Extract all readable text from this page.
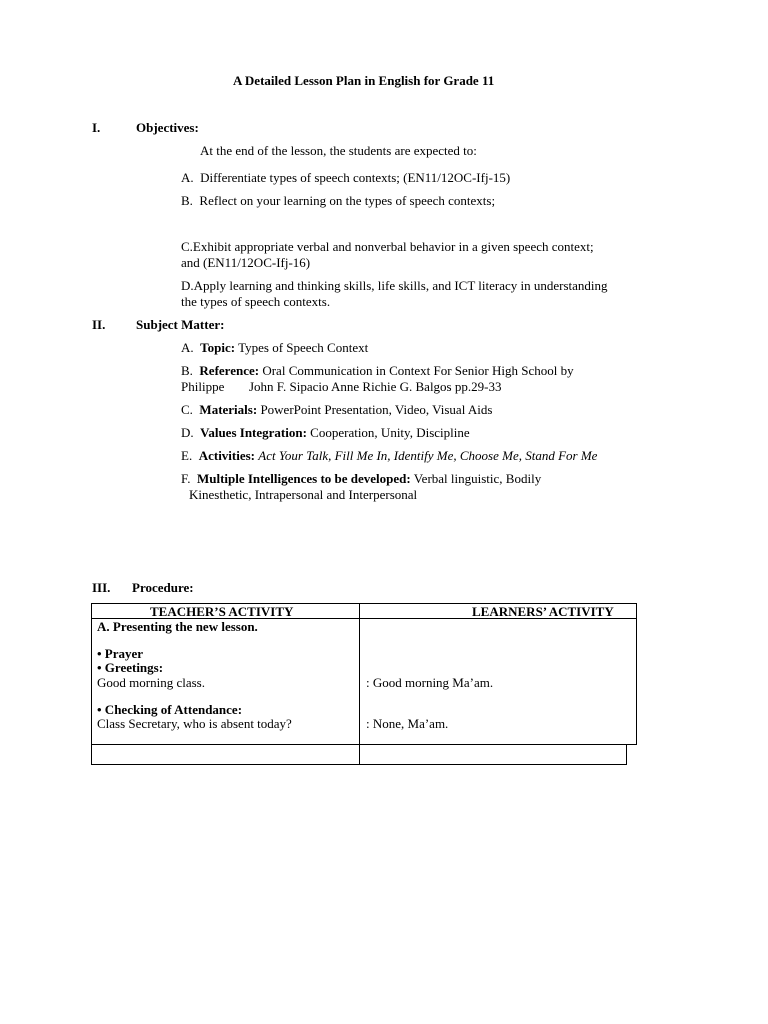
A Detailed Lesson Plan in English for Grade 11
I.	Objectives:
At the end of the lesson, the students are expected to:
A. Differentiate types of speech contexts; (EN11/12OC-Ifj-15)
B. Reflect on your learning on the types of speech contexts;
C.Exhibit appropriate verbal and nonverbal behavior in a given speech context;
and (EN11/12OC-Ifj-16)
D.Apply learning and thinking skills, life skills, and ICT literacy in understanding
the types of speech contexts.
II. Subject Matter:
A. Topic: Types of Speech Context
B. Reference: Oral Communication in Context For Senior High School by
Philippe John F. Sipacio Anne Richie G. Balgos pp.29-33
C. Materials: PowerPoint Presentation, Video, Visual Aids
D. Values Integration: Cooperation, Unity, Discipline
E. Activities: Act Your Talk, Fill Me In, Identify Me, Choose Me, Stand For Me
F. Multiple Intelligences to be developed: Verbal linguistic, Bodily
Kinesthetic, Intrapersonal and Interpersonal
III. Procedure:
TEACHER’S ACTIVITY	LEARNERS’ ACTIVITY
A. Presenting the new lesson.
• Prayer
• Greetings:
Good morning class.
• Checking of Attendance:
Class Secretary, who is absent today?
: Good morning Ma’am.
: None, Ma’am.
